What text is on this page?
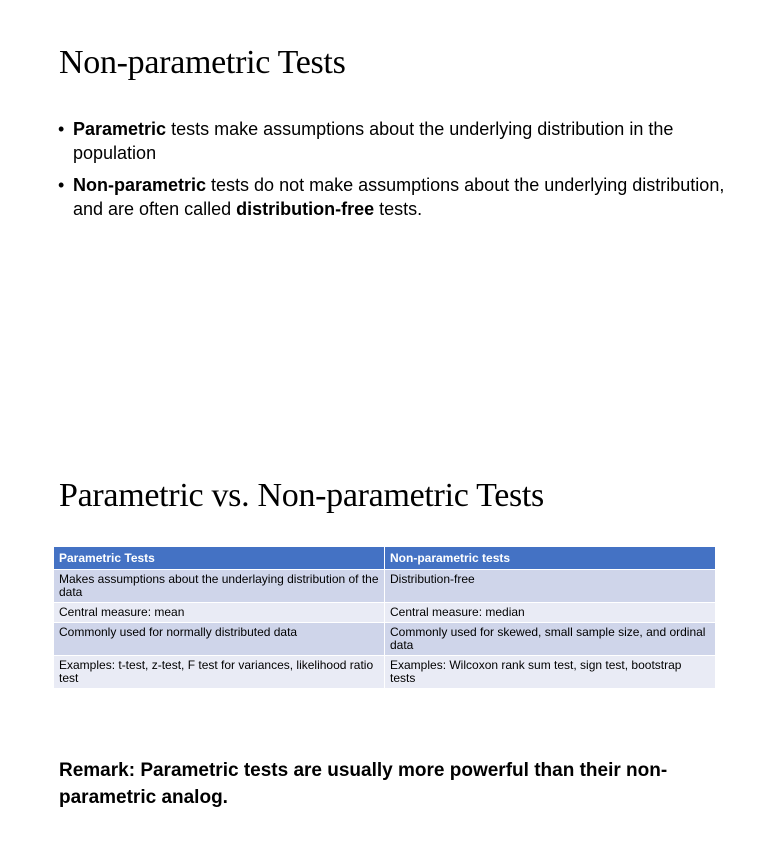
Non-parametric Tests
• Parametric tests make assumptions about the underlying distribution in the population
• Non-parametric tests do not make assumptions about the underlying distribution, and are often called distribution-free tests.
Parametric vs. Non-parametric Tests
Parametric Tests	Non-parametric tests
Makes assumptions about the underlaying distribution of the data	Distribution-free
Central measure: mean	Central measure: median
Commonly used for normally distributed data	Commonly used for skewed, small sample size, and ordinal data
Examples: t-test, z-test, F test for variances, likelihood ratio test	Examples: Wilcoxon rank sum test, sign test, bootstrap tests

Remark: Parametric tests are usually more powerful than their non-parametric analog.
